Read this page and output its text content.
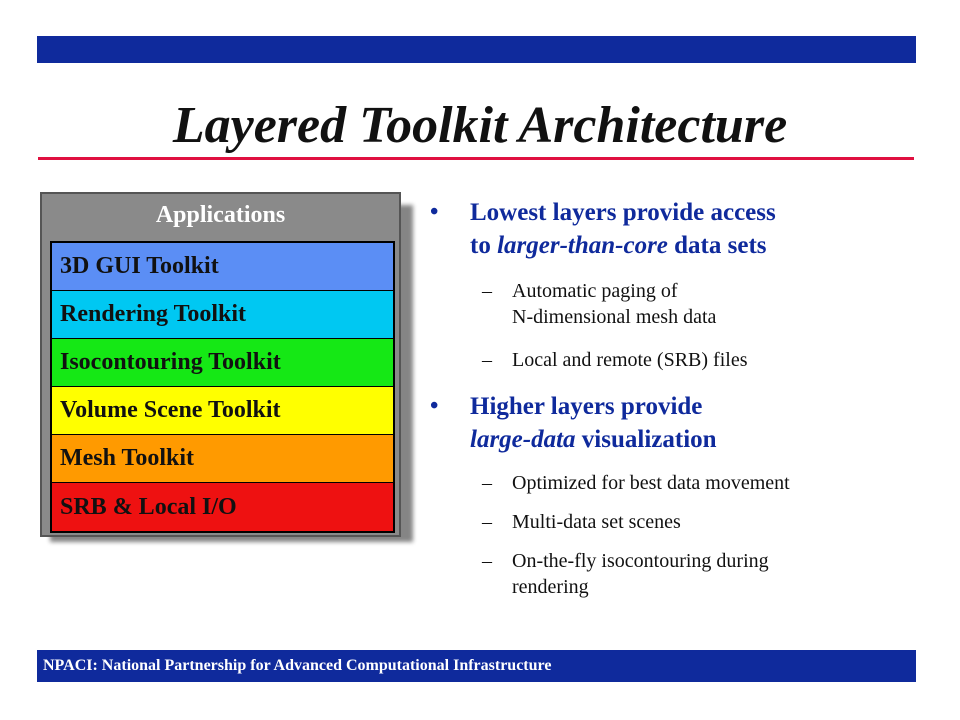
Layered Toolkit Architecture
Applications
3D GUI Toolkit
Rendering Toolkit
Isocontouring Toolkit
Volume Scene Toolkit
Mesh Toolkit
SRB & Local I/O
• Lowest layers provide access
to larger-than-core data sets
– Automatic paging of
N-dimensional mesh data
– Local and remote (SRB) files
• Higher layers provide
large-data visualization
– Optimized for best data movement
– Multi-data set scenes
– On-the-fly isocontouring during
rendering
NPACI: National Partnership for Advanced Computational Infrastructure
